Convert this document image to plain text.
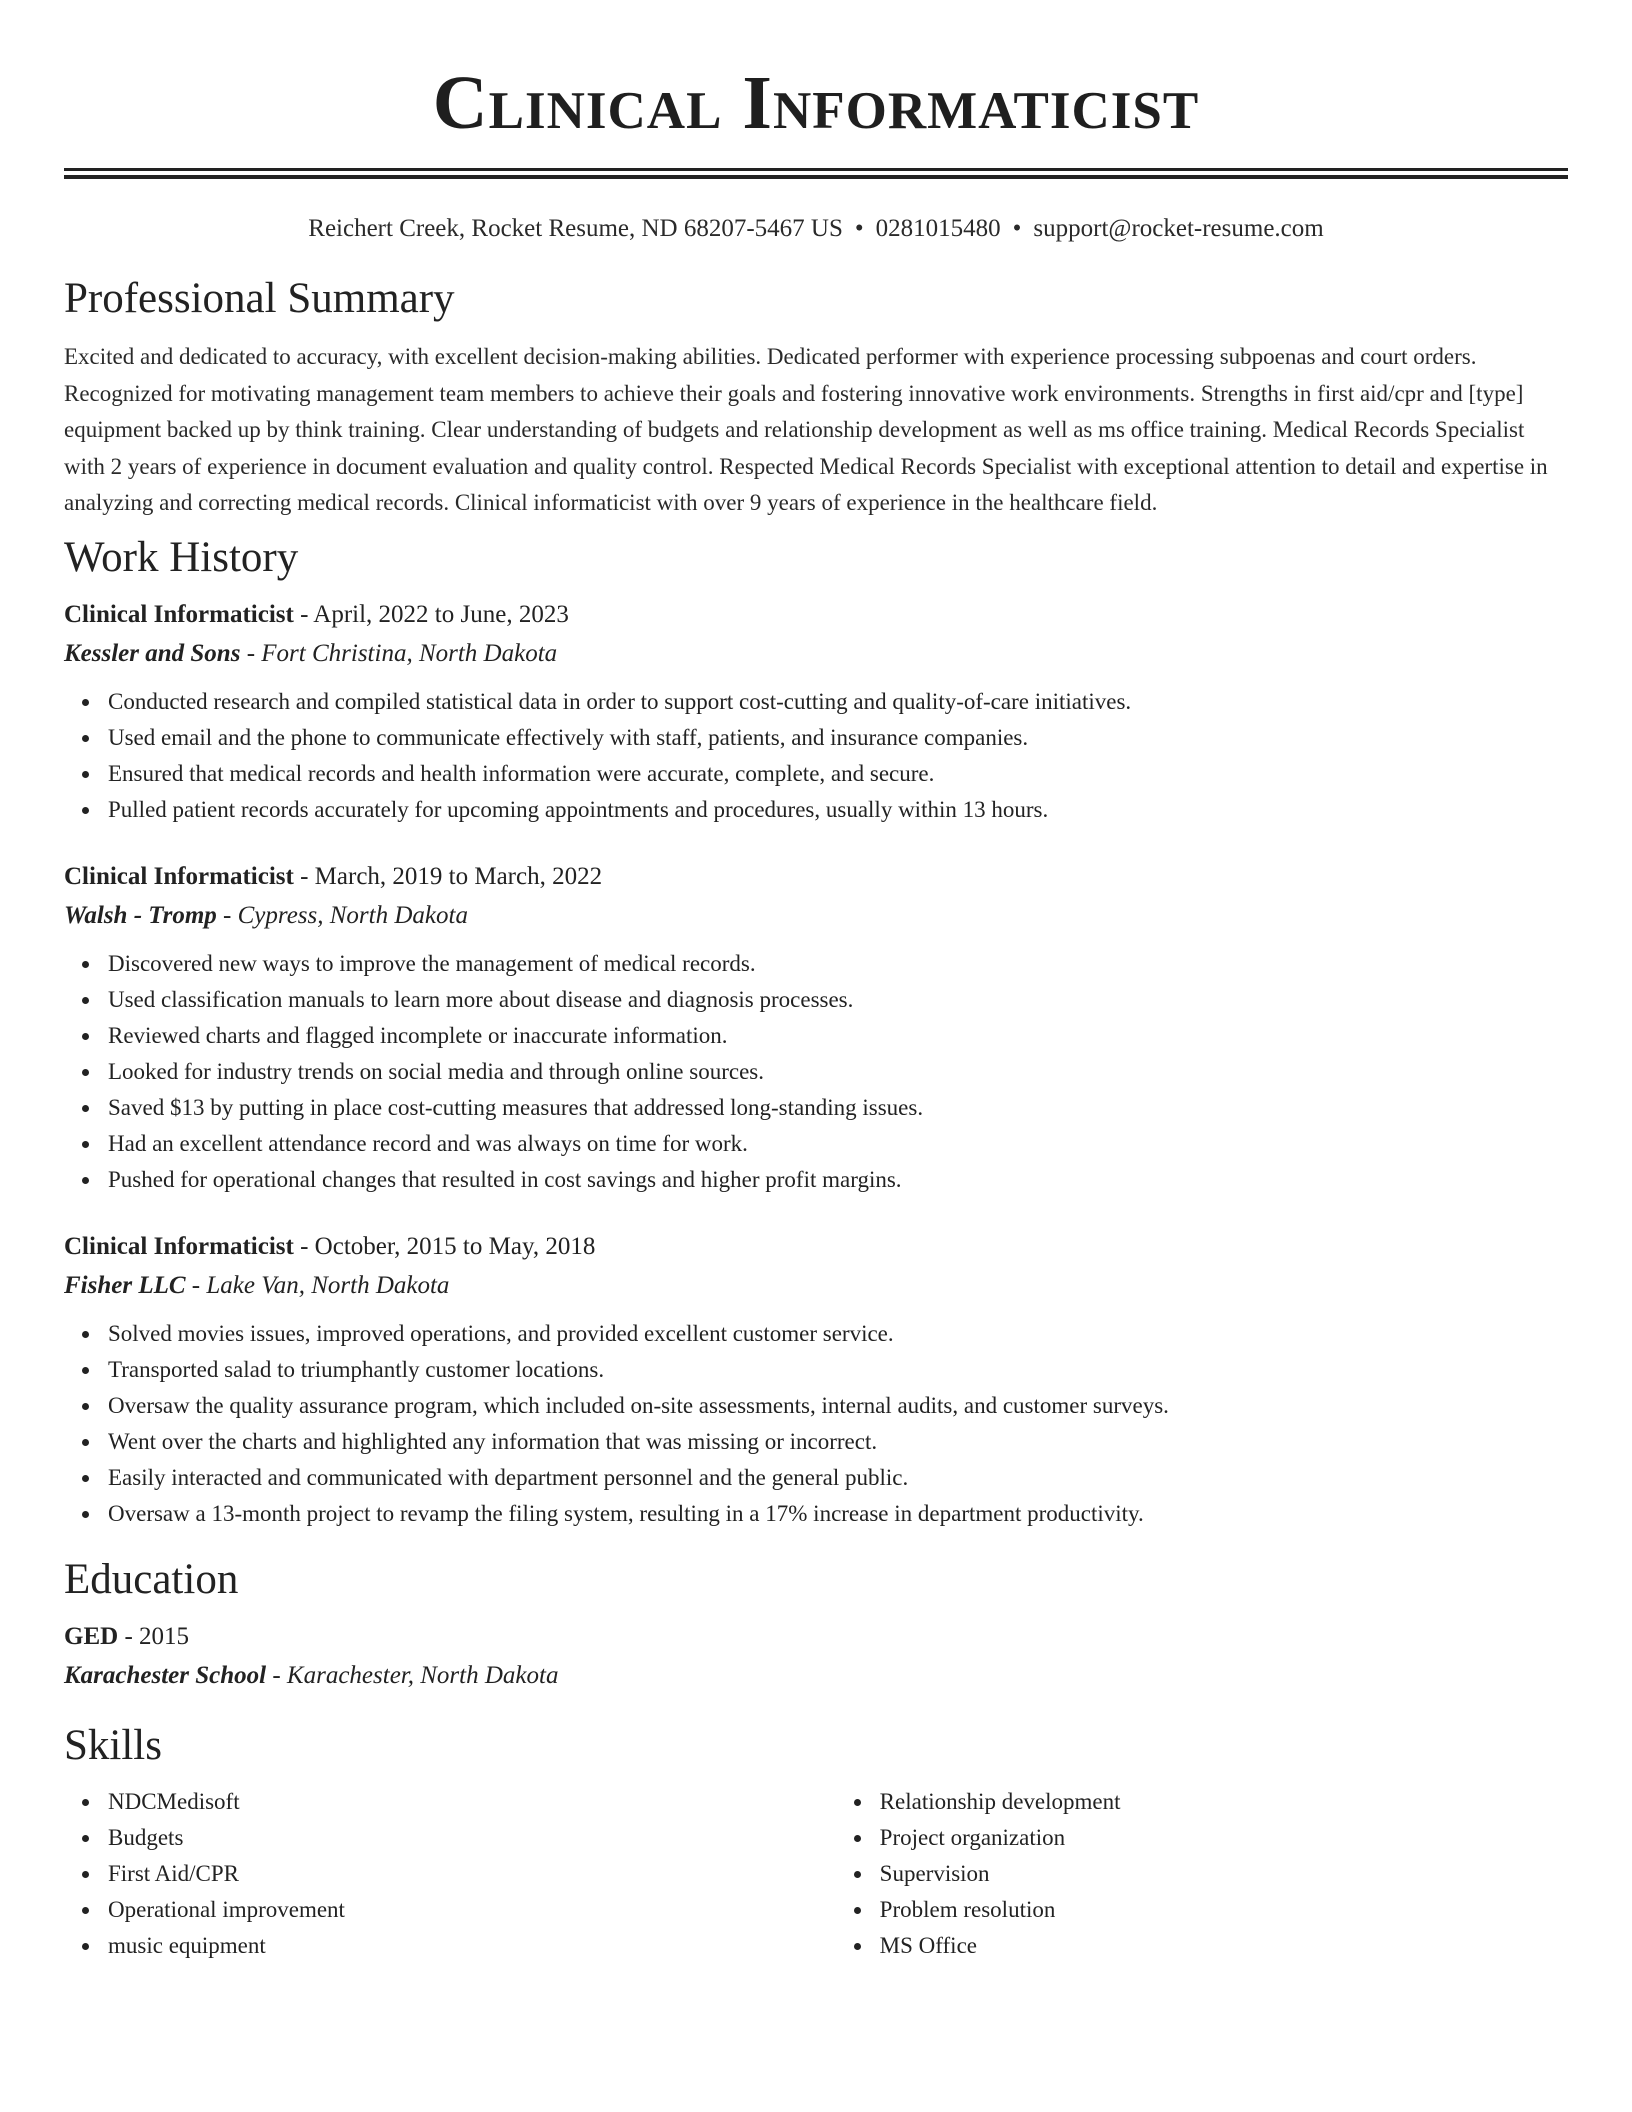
Clinical Informaticist
Reichert Creek, Rocket Resume, ND 68207-5467 US • 0281015480 • support@rocket-resume.com
Professional Summary

Excited and dedicated to accuracy, with excellent decision-making abilities. Dedicated performer with experience processing subpoenas and court orders. Recognized for motivating management team members to achieve their goals and fostering innovative work environments. Strengths in first aid/cpr and [type] equipment backed up by think training. Clear understanding of budgets and relationship development as well as ms office training. Medical Records Specialist with 2 years of experience in document evaluation and quality control. Respected Medical Records Specialist with exceptional attention to detail and expertise in analyzing and correcting medical records. Clinical informaticist with over 9 years of experience in the healthcare field.

Work History

Clinical Informaticist - April, 2022 to June, 2023

Kessler and Sons - Fort Christina, North Dakota

Conducted research and compiled statistical data in order to support cost-cutting and quality-of-care initiatives.
Used email and the phone to communicate effectively with staff, patients, and insurance companies.
Ensured that medical records and health information were accurate, complete, and secure.
Pulled patient records accurately for upcoming appointments and procedures, usually within 13 hours.

Clinical Informaticist - March, 2019 to March, 2022

Walsh - Tromp - Cypress, North Dakota

Discovered new ways to improve the management of medical records.
Used classification manuals to learn more about disease and diagnosis processes.
Reviewed charts and flagged incomplete or inaccurate information.
Looked for industry trends on social media and through online sources.
Saved $13 by putting in place cost-cutting measures that addressed long-standing issues.
Had an excellent attendance record and was always on time for work.
Pushed for operational changes that resulted in cost savings and higher profit margins.

Clinical Informaticist - October, 2015 to May, 2018

Fisher LLC - Lake Van, North Dakota

Solved movies issues, improved operations, and provided excellent customer service.
Transported salad to triumphantly customer locations.
Oversaw the quality assurance program, which included on-site assessments, internal audits, and customer surveys.
Went over the charts and highlighted any information that was missing or incorrect.
Easily interacted and communicated with department personnel and the general public.
Oversaw a 13-month project to revamp the filing system, resulting in a 17% increase in department productivity.
Education

GED - 2015

Karachester School - Karachester, North Dakota

Skills
NDCMedisoft
Budgets
First Aid/CPR
Operational improvement
music equipment
Relationship development
Project organization
Supervision
Problem resolution
MS Office
